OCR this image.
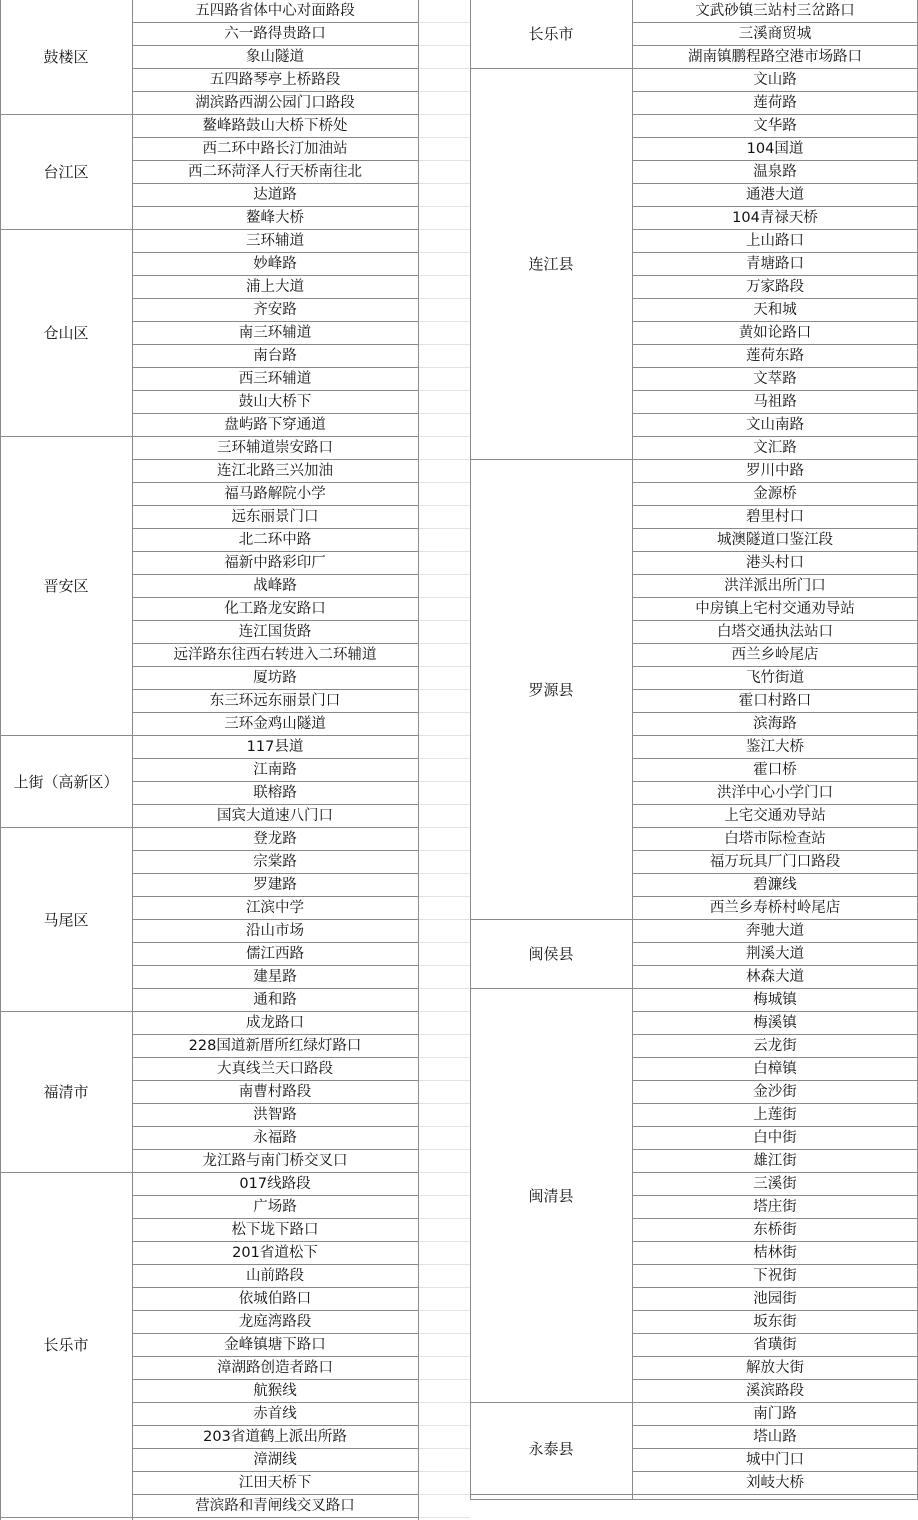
鼓楼区
五四路省体中心对面路段
六一路得贵路口
象山隧道
五四路琴亭上桥路段
湖滨路西湖公园门口路段
台江区
鳌峰路鼓山大桥下桥处
西二环中路长汀加油站
西二环菏泽人行天桥南往北
达道路
鳌峰大桥
仓山区
三环辅道
妙峰路
浦上大道
齐安路
南三环辅道
南台路
西三环辅道
鼓山大桥下
盘屿路下穿通道
晋安区
三环辅道崇安路口
连江北路三兴加油
福马路解院小学
远东丽景门口
北二环中路
福新中路彩印厂
战峰路
化工路龙安路口
连江国货路
远洋路东往西右转进入二环辅道
厦坊路
东三环远东丽景门口
三环金鸡山隧道
上街（高新区）
117县道
江南路
联榕路
国宾大道速八门口
马尾区
登龙路
宗棠路
罗建路
江滨中学
沿山市场
儒江西路
建星路
通和路
福清市
成龙路口
228国道新厝所红绿灯路口
大真线兰天口路段
南曹村路段
洪智路
永福路
龙江路与南门桥交叉口
长乐市
017线路段
广场路
松下垅下路口
201省道松下
山前路段
依城伯路口
龙庭湾路段
金峰镇塘下路口
漳湖路创造者路口
航猴线
赤首线
203省道鹤上派出所路
漳湖线
江田天桥下
营滨路和青闸线交叉路口
长乐市
文武砂镇三站村三岔路口
三溪商贸城
湖南镇鹏程路空港市场路口
连江县
文山路
莲荷路
文华路
104国道
温泉路
通港大道
104青禄天桥
上山路口
青塘路口
万家路段
天和城
黄如论路口
莲荷东路
文萃路
马祖路
文山南路
文汇路
罗源县
罗川中路
金源桥
碧里村口
城澳隧道口鉴江段
港头村口
洪洋派出所门口
中房镇上宅村交通劝导站
白塔交通执法站口
西兰乡岭尾店
飞竹街道
霍口村路口
滨海路
鉴江大桥
霍口桥
洪洋中心小学门口
上宅交通劝导站
白塔市际检查站
福万玩具厂门口路段
碧濂线
西兰乡寿桥村岭尾店
闽侯县
奔驰大道
荆溪大道
林森大道
闽清县
梅城镇
梅溪镇
云龙街
白樟镇
金沙街
上莲街
白中街
雄江街
三溪街
塔庄街
东桥街
桔林街
下祝街
池园街
坂东街
省璜街
解放大街
溪滨路段
永泰县
南门路
塔山路
城中门口
刘岐大桥
